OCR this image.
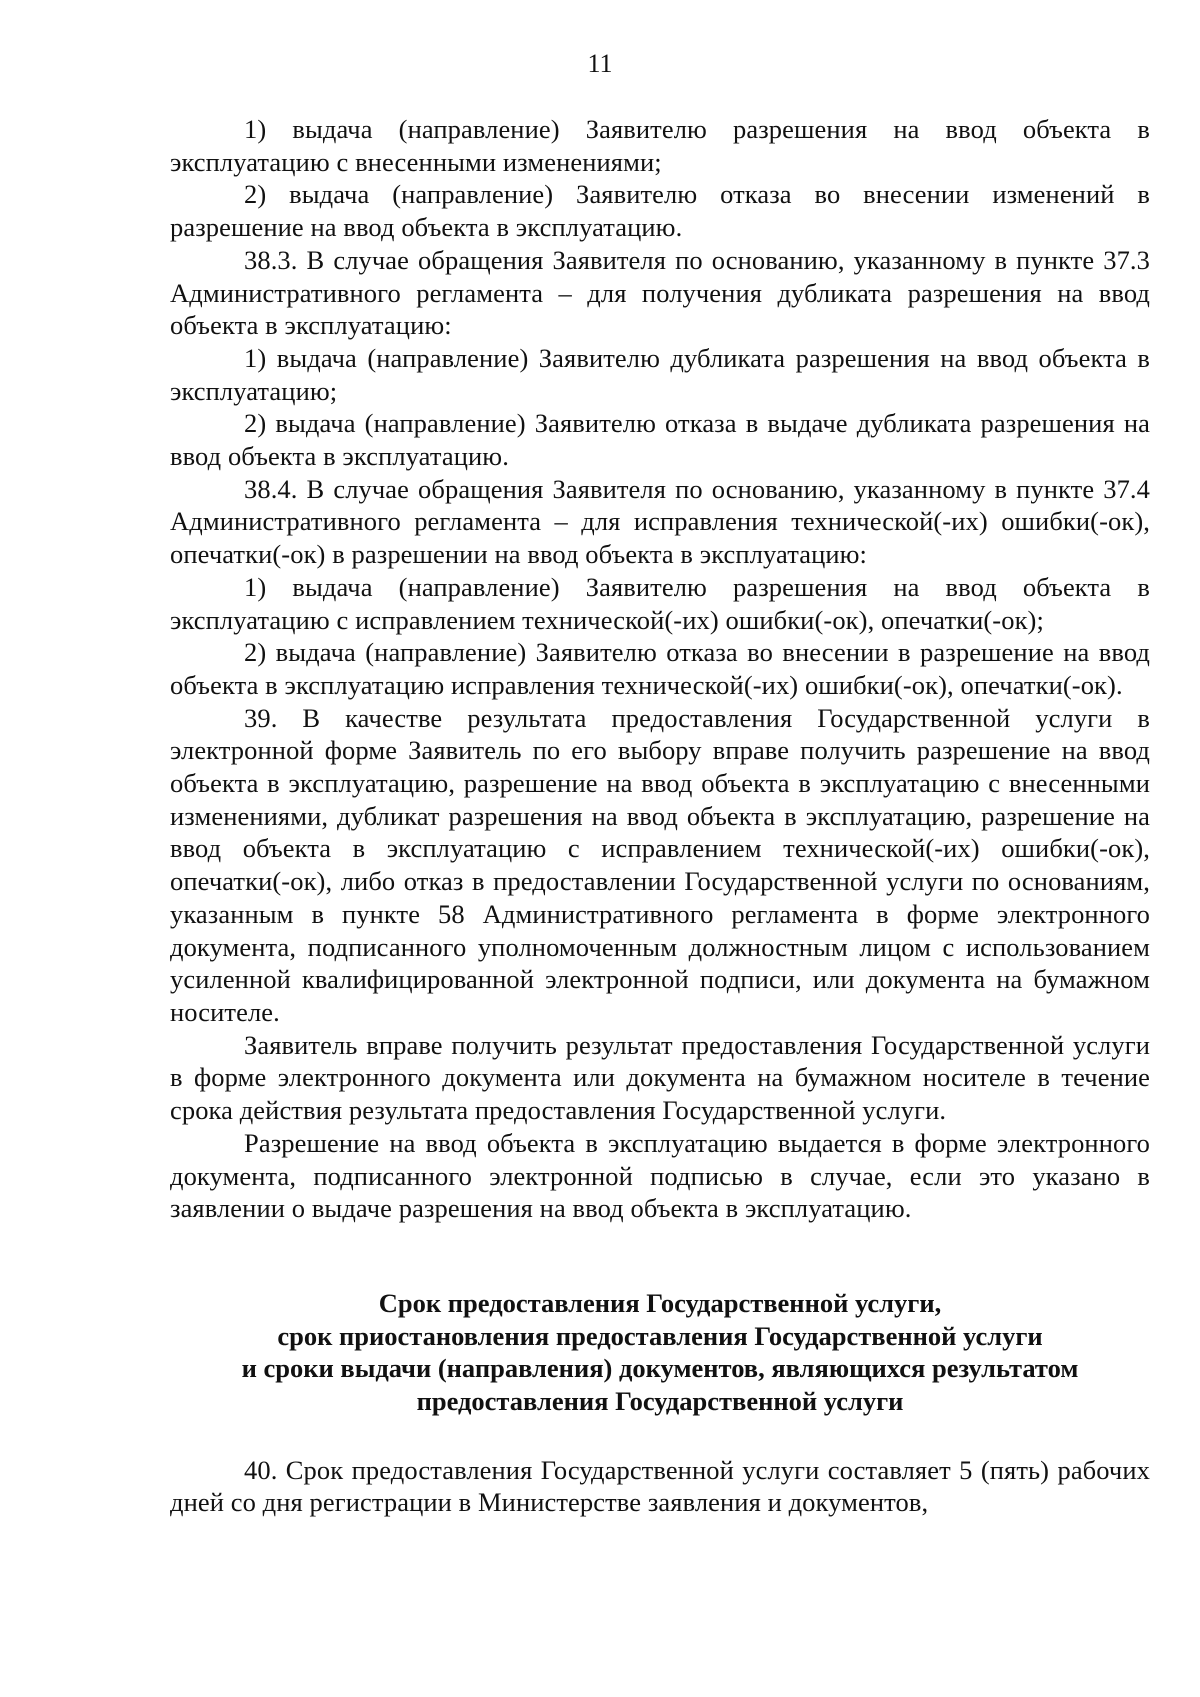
11

1) выдача (направление) Заявителю разрешения на ввод объекта в эксплуатацию с внесенными изменениями;

2) выдача (направление) Заявителю отказа во внесении изменений в разрешение на ввод объекта в эксплуатацию.

38.3. В случае обращения Заявителя по основанию, указанному в пункте 37.3 Административного регламента – для получения дубликата разрешения на ввод объекта в эксплуатацию:

1) выдача (направление) Заявителю дубликата разрешения на ввод объекта в эксплуатацию;

2) выдача (направление) Заявителю отказа в выдаче дубликата разрешения на ввод объекта в эксплуатацию.

38.4. В случае обращения Заявителя по основанию, указанному в пункте 37.4 Административного регламента – для исправления технической(-их) ошибки(-ок), опечатки(-ок) в разрешении на ввод объекта в эксплуатацию:

1) выдача (направление) Заявителю разрешения на ввод объекта в эксплуатацию с исправлением технической(-их) ошибки(-ок), опечатки(-ок);

2) выдача (направление) Заявителю отказа во внесении в разрешение на ввод объекта в эксплуатацию исправления технической(-их) ошибки(-ок), опечатки(-ок).

39. В качестве результата предоставления Государственной услуги в электронной форме Заявитель по его выбору вправе получить разрешение на ввод объекта в эксплуатацию, разрешение на ввод объекта в эксплуатацию с внесенными изменениями, дубликат разрешения на ввод объекта в эксплуатацию, разрешение на ввод объекта в эксплуатацию с исправлением технической(-их) ошибки(-ок), опечатки(-ок), либо отказ в предоставлении Государственной услуги по основаниям, указанным в пункте 58 Административного регламента в форме электронного документа, подписанного уполномоченным должностным лицом с использованием усиленной квалифицированной электронной подписи, или документа на бумажном носителе.

Заявитель вправе получить результат предоставления Государственной услуги в форме электронного документа или документа на бумажном носителе в течение срока действия результата предоставления Государственной услуги.

Разрешение на ввод объекта в эксплуатацию выдается в форме электронного документа, подписанного электронной подписью в случае, если это указано в заявлении о выдаче разрешения на ввод объекта в эксплуатацию.

Срок предоставления Государственной услуги,
срок приостановления предоставления Государственной услуги
и сроки выдачи (направления) документов, являющихся результатом
предоставления Государственной услуги

40. Срок предоставления Государственной услуги составляет 5 (пять) рабочих дней со дня регистрации в Министерстве заявления и документов,
